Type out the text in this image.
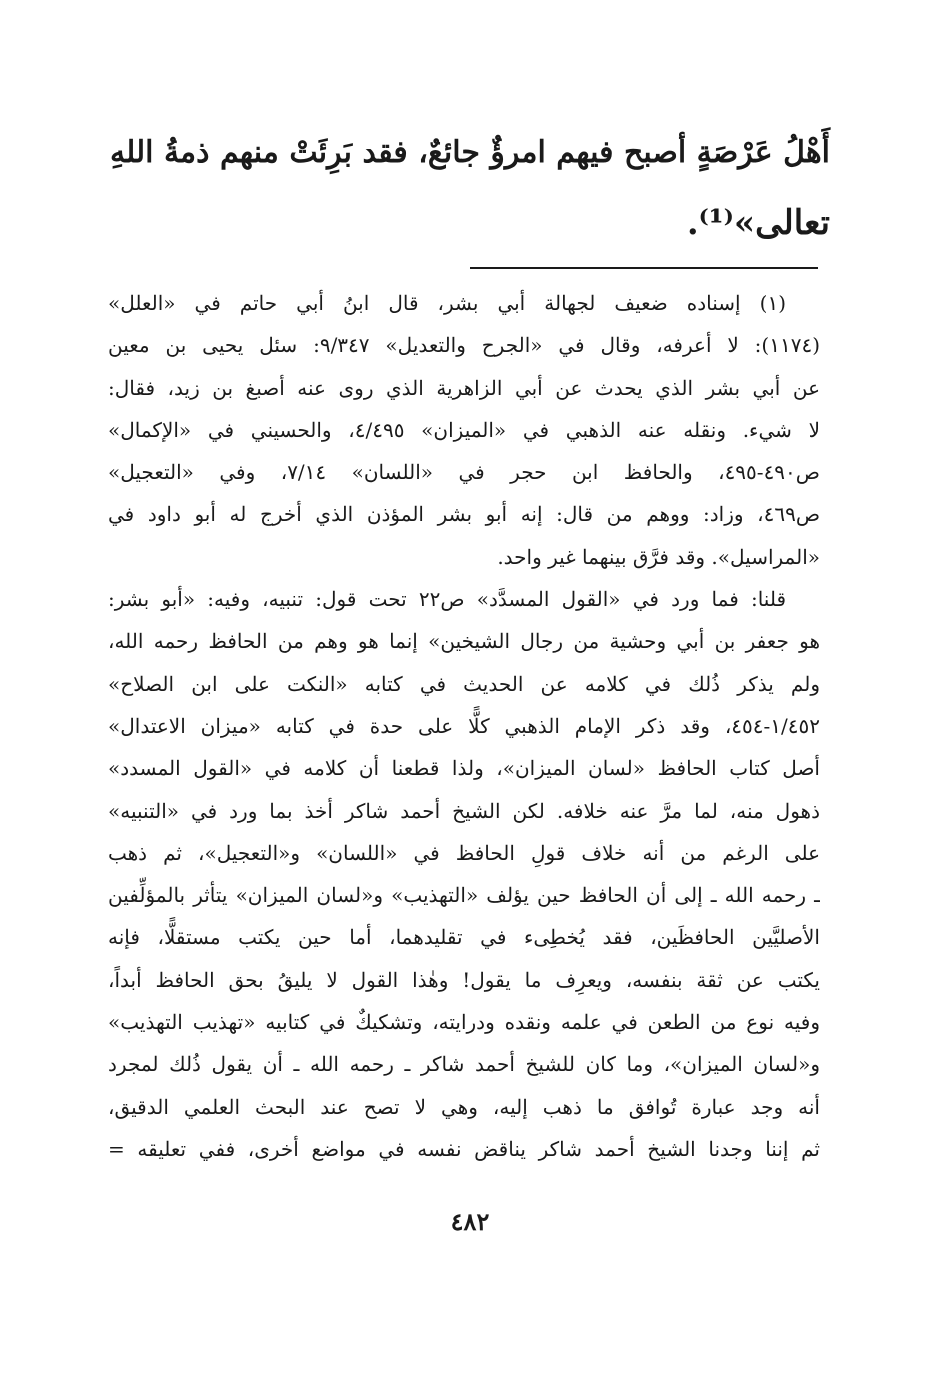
أَهْلُ عَرْصَةٍ أصبح فيهم امرؤٌ جائعٌ، فقد بَرِئَتْ منهم ذمةُ اللهِ
تعالى»⁽¹⁾.
(١) إسناده ضعيف لجهالة أبي بشر، قال ابنُ أبي حاتم في «العلل»
(١١٧٤): لا أعرفه، وقال في «الجرح والتعديل» ٩/٣٤٧: سئل يحيى بن معين
عن أبي بشر الذي يحدث عن أبي الزاهرية الذي روى عنه أصبغ بن زيد، فقال:
لا شيء. ونقله عنه الذهبي في «الميزان» ٤/٤٩٥، والحسيني في «الإكمال»
ص٤٩٠-٤٩٥، والحافظ ابن حجر في «اللسان» ٧/١٤، وفي «التعجيل»
ص٤٦٩، وزاد: ووهم من قال: إنه أبو بشر المؤذن الذي أخرج له أبو داود في
«المراسيل». وقد فرَّق بينهما غير واحد.
قلنا: فما ورد في «القول المسدَّد» ص٢٢ تحت قول: تنبيه، وفيه: «أبو بشر:
هو جعفر بن أبي وحشية من رجال الشيخين» إنما هو وهم من الحافظ رحمه الله،
ولم يذكر ذُلك في كلامه عن الحديث في كتابه «النكت على ابن الصلاح»
١/٤٥٢-٤٥٤، وقد ذكر الإمام الذهبي كلًّا على حدة في كتابه «ميزان الاعتدال»
أصل كتاب الحافظ «لسان الميزان»، ولذا قطعنا أن كلامه في «القول المسدد»
ذهول منه، لما مرَّ عنه خلافه. لكن الشيخ أحمد شاكر أخذ بما ورد في «التنبيه»
على الرغم من أنه خلاف قولِ الحافظ في «اللسان» و«التعجيل»، ثم ذهب
ـ رحمه الله ـ إلى أن الحافظ حين يؤلف «التهذيب» و«لسان الميزان» يتأثر بالمؤلِّفين
الأصليَّين الحافظَين، فقد يُخطِىء في تقليدهما، أما حين يكتب مستقلًّا، فإنه
يكتب عن ثقة بنفسه، ويعرِف ما يقول! وهٰذا القول لا يليقُ بحق الحافظ أبداً،
وفيه نوع من الطعن في علمه ونقده ودرايته، وتشكيكٌ في كتابيه «تهذيب التهذيب»
و«لسان الميزان»، وما كان للشيخ أحمد شاكر ـ رحمه الله ـ أن يقول ذُلك لمجرد
أنه وجد عبارة تُوافق ما ذهب إليه، وهي لا تصح عند البحث العلمي الدقيق،
ثم إننا وجدنا الشيخ أحمد شاكر يناقض نفسه في مواضع أخرى، ففي تعليقه =
٤٨٢
